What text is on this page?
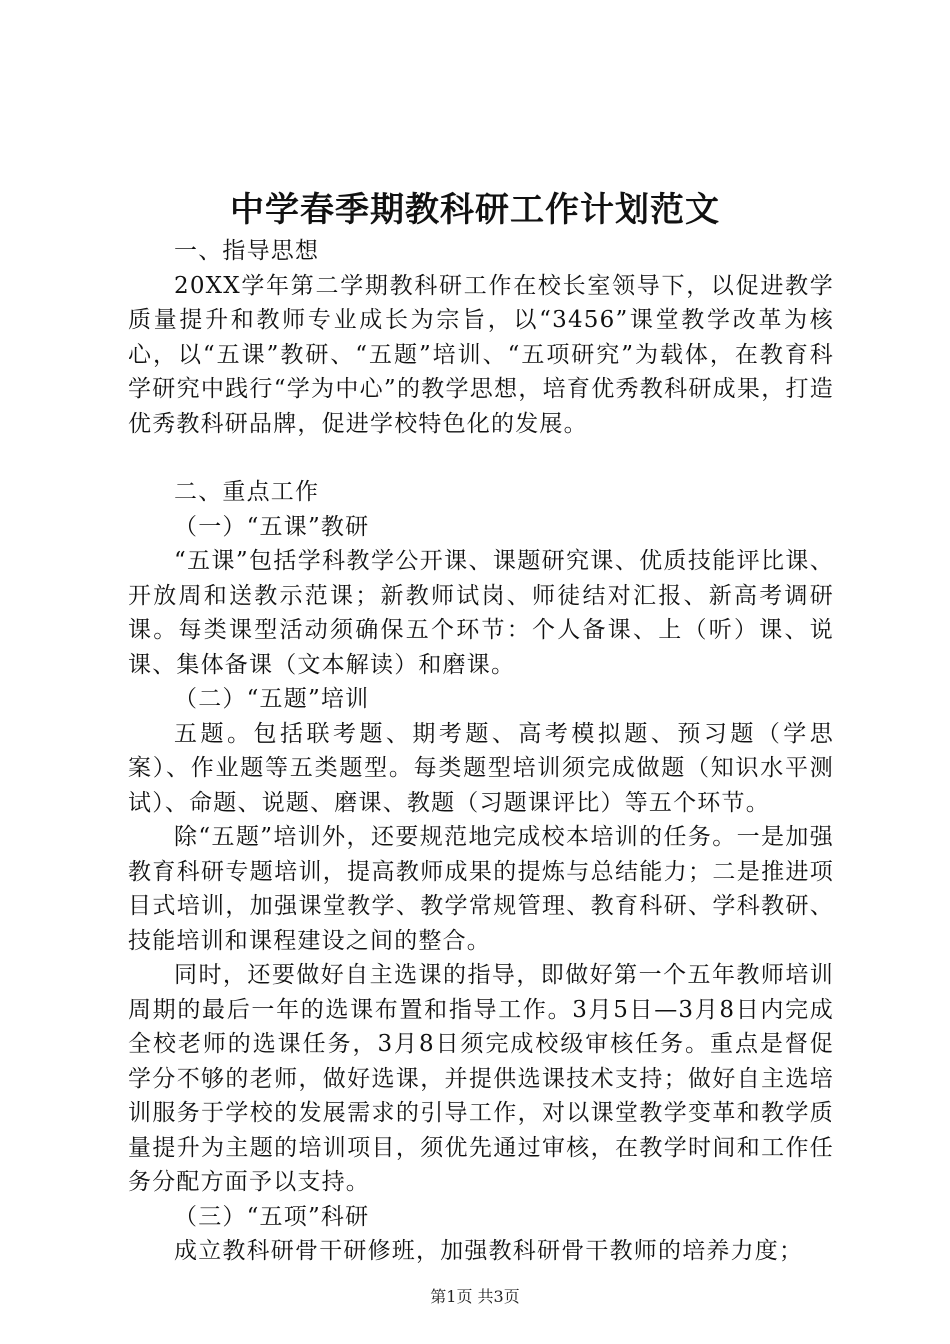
中学春季期教科研工作计划范文

一、指导思想

20XX学年第二学期教科研工作在校长室领导下，以促进教学质量提升和教师专业成长为宗旨，以“3456”课堂教学改革为核心，以“五课”教研、“五题”培训、“五项研究”为载体，在教育科学研究中践行“学为中心”的教学思想，培育优秀教科研成果，打造优秀教科研品牌，促进学校特色化的发展。

二、重点工作

（一）“五课”教研

“五课”包括学科教学公开课、课题研究课、优质技能评比课、开放周和送教示范课；新教师试岗、师徒结对汇报、新高考调研课。每类课型活动须确保五个环节：个人备课、上（听）课、说课、集体备课（文本解读）和磨课。

（二）“五题”培训

五题。包括联考题、期考题、高考模拟题、预习题（学思案）、作业题等五类题型。每类题型培训须完成做题（知识水平测试）、命题、说题、磨课、教题（习题课评比）等五个环节。

除“五题”培训外，还要规范地完成校本培训的任务。一是加强教育科研专题培训，提高教师成果的提炼与总结能力；二是推进项目式培训，加强课堂教学、教学常规管理、教育科研、学科教研、技能培训和课程建设之间的整合。

同时，还要做好自主选课的指导，即做好第一个五年教师培训周期的最后一年的选课布置和指导工作。3月5日—3月8日内完成全校老师的选课任务，3月8日须完成校级审核任务。重点是督促学分不够的老师，做好选课，并提供选课技术支持；做好自主选培训服务于学校的发展需求的引导工作，对以课堂教学变革和教学质量提升为主题的培训项目，须优先通过审核，在教学时间和工作任务分配方面予以支持。

（三）“五项”科研

成立教科研骨干研修班，加强教科研骨干教师的培养力度；

第1页 共3页
